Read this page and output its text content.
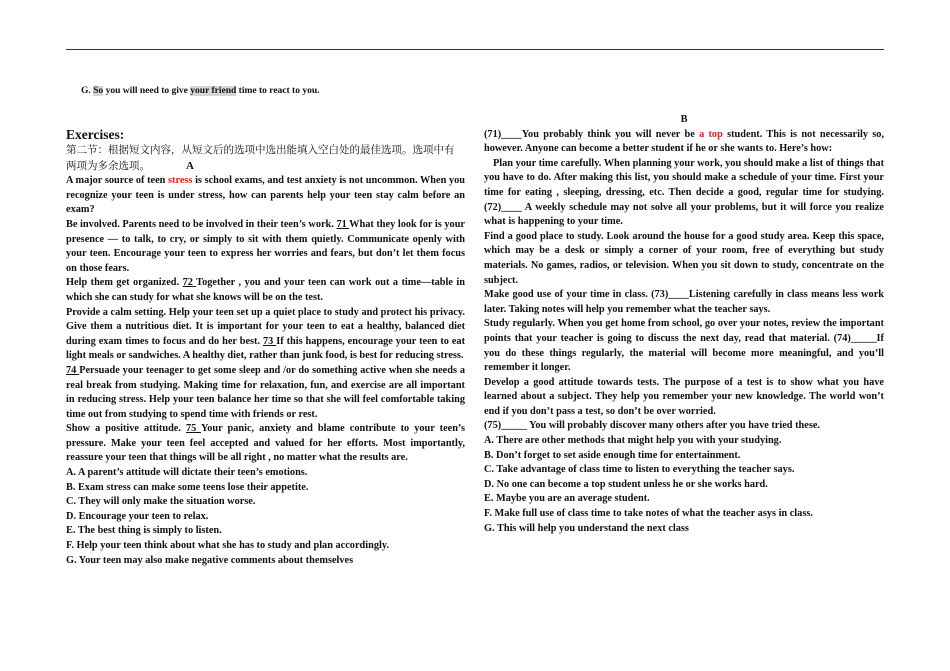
G. So you will need to give your friend time to react to you.

Exercises:

第二节：根据短文内容，从短文后的选项中选出能填入空白处的最佳选项。选项中有

两项为多余选项。	A

A major source of teen stress is school exams, and test anxiety is not uncommon. When you recognize your teen is under stress, how can parents help your teen stay calm before an exam?

Be involved. Parents need to be involved in their teen’s work. 71 What they look for is your presence — to talk, to cry, or simply to sit with them quietly. Communicate openly with your teen. Encourage your teen to express her worries and fears, but don’t let them focus on those fears.

Help them get organized. 72 Together , you and your teen can work out a time—table in which she can study for what she knows will be on the test.

Provide a calm setting. Help your teen set up a quiet place to study and protect his privacy. Give them a nutritious diet. It is important for your teen to eat a healthy, balanced diet during exam times to focus and do her best. 73 If this happens, encourage your teen to eat light meals or sandwiches. A healthy diet, rather than junk food, is best for reducing stress.

74 Persuade your teenager to get some sleep and /or do something active when she needs a real break from studying. Making time for relaxation, fun, and exercise are all important in reducing stress. Help your teen balance her time so that she will feel comfortable taking time out from studying to spend time with friends or rest.

Show a positive attitude. 75 Your panic, anxiety and blame contribute to your teen’s pressure. Make your teen feel accepted and valued for her efforts. Most importantly, reassure your teen that things will be all right , no matter what the results are.

A. A parent’s attitude will dictate their teen’s emotions.

B. Exam stress can make some teens lose their appetite.

C. They will only make the situation worse.

D. Encourage your teen to relax.

E. The best thing is simply to listen.

F. Help your teen think about what she has to study and plan accordingly.

G. Your teen may also make negative comments about themselves

B

(71)____You probably think you will never be a top student. This is not necessarily so, however. Anyone can become a better student if he or she wants to. Here’s how:

Plan your time carefully. When planning your work, you should make a list of things that you have to do. After making this list, you should make a schedule of your time. First your time for eating , sleeping, dressing, etc. Then decide a good, regular time for studying.(72)____ A weekly schedule may not solve all your problems, but it will force you realize what is happening to your time.

Find a good place to study. Look around the house for a good study area. Keep this space, which may be a desk or simply a corner of your room, free of everything but study materials. No games, radios, or television. When you sit down to study, concentrate on the subject.

Make good use of your time in class. (73)____Listening carefully in class means less work later. Taking notes will help you remember what the teacher says.

Study regularly. When you get home from school, go over your notes, review the important points that your teacher is going to discuss the next day, read that material. (74)_____If you do these things regularly, the material will become more meaningful, and you’ll remember it longer.

Develop a good attitude towards tests. The purpose of a test is to show what you have learned about a subject. They help you remember your new knowledge. The world won’t end if you don’t pass a test, so don’t be over worried.

(75)_____ You will probably discover many others after you have tried these.

A. There are other methods that might help you with your studying.

B. Don’t forget to set aside enough time for entertainment.

C. Take advantage of class time to listen to everything the teacher says.

D. No one can become a top student unless he or she works hard.

E. Maybe you are an average student.

F. Make full use of class time to take notes of what the teacher asys in class.

G. This will help you understand the next class
